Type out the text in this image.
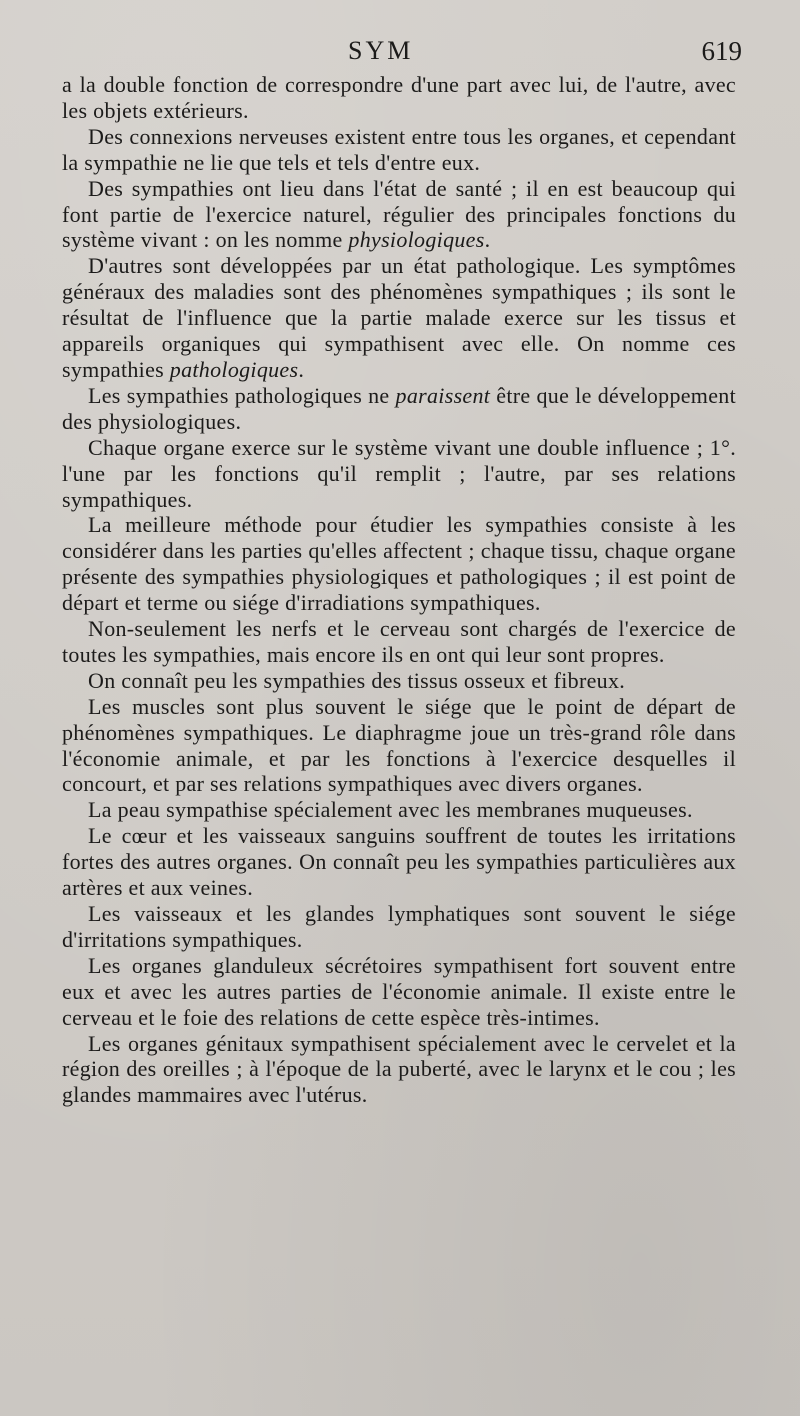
SYM	619

a la double fonction de correspondre d'une part avec lui, de l'autre, avec les objets extérieurs.

Des connexions nerveuses existent entre tous les organes, et cependant la sympathie ne lie que tels et tels d'entre eux.

Des sympathies ont lieu dans l'état de santé ; il en est beaucoup qui font partie de l'exercice naturel, régulier des principales fonctions du système vivant : on les nomme physiologiques.

D'autres sont développées par un état pathologique. Les symptômes généraux des maladies sont des phénomènes sympathiques ; ils sont le résultat de l'influence que la partie malade exerce sur les tissus et appareils organiques qui sympathisent avec elle. On nomme ces sympathies pathologiques.

Les sympathies pathologiques ne paraissent être que le développement des physiologiques.

Chaque organe exerce sur le système vivant une double influence ; 1°. l'une par les fonctions qu'il remplit ; l'autre, par ses relations sympathiques.

La meilleure méthode pour étudier les sympathies consiste à les considérer dans les parties qu'elles affectent ; chaque tissu, chaque organe présente des sympathies physiologiques et pathologiques ; il est point de départ et terme ou siége d'irradiations sympathiques.

Non-seulement les nerfs et le cerveau sont chargés de l'exercice de toutes les sympathies, mais encore ils en ont qui leur sont propres.

On connaît peu les sympathies des tissus osseux et fibreux.

Les muscles sont plus souvent le siége que le point de départ de phénomènes sympathiques. Le diaphragme joue un très-grand rôle dans l'économie animale, et par les fonctions à l'exercice desquelles il concourt, et par ses relations sympathiques avec divers organes.

La peau sympathise spécialement avec les membranes muqueuses.

Le cœur et les vaisseaux sanguins souffrent de toutes les irritations fortes des autres organes. On connaît peu les sympathies particulières aux artères et aux veines.

Les vaisseaux et les glandes lymphatiques sont souvent le siége d'irritations sympathiques.

Les organes glanduleux sécrétoires sympathisent fort souvent entre eux et avec les autres parties de l'économie animale. Il existe entre le cerveau et le foie des relations de cette espèce très-intimes.

Les organes génitaux sympathisent spécialement avec le cervelet et la région des oreilles ; à l'époque de la puberté, avec le larynx et le cou ; les glandes mammaires avec l'utérus.
